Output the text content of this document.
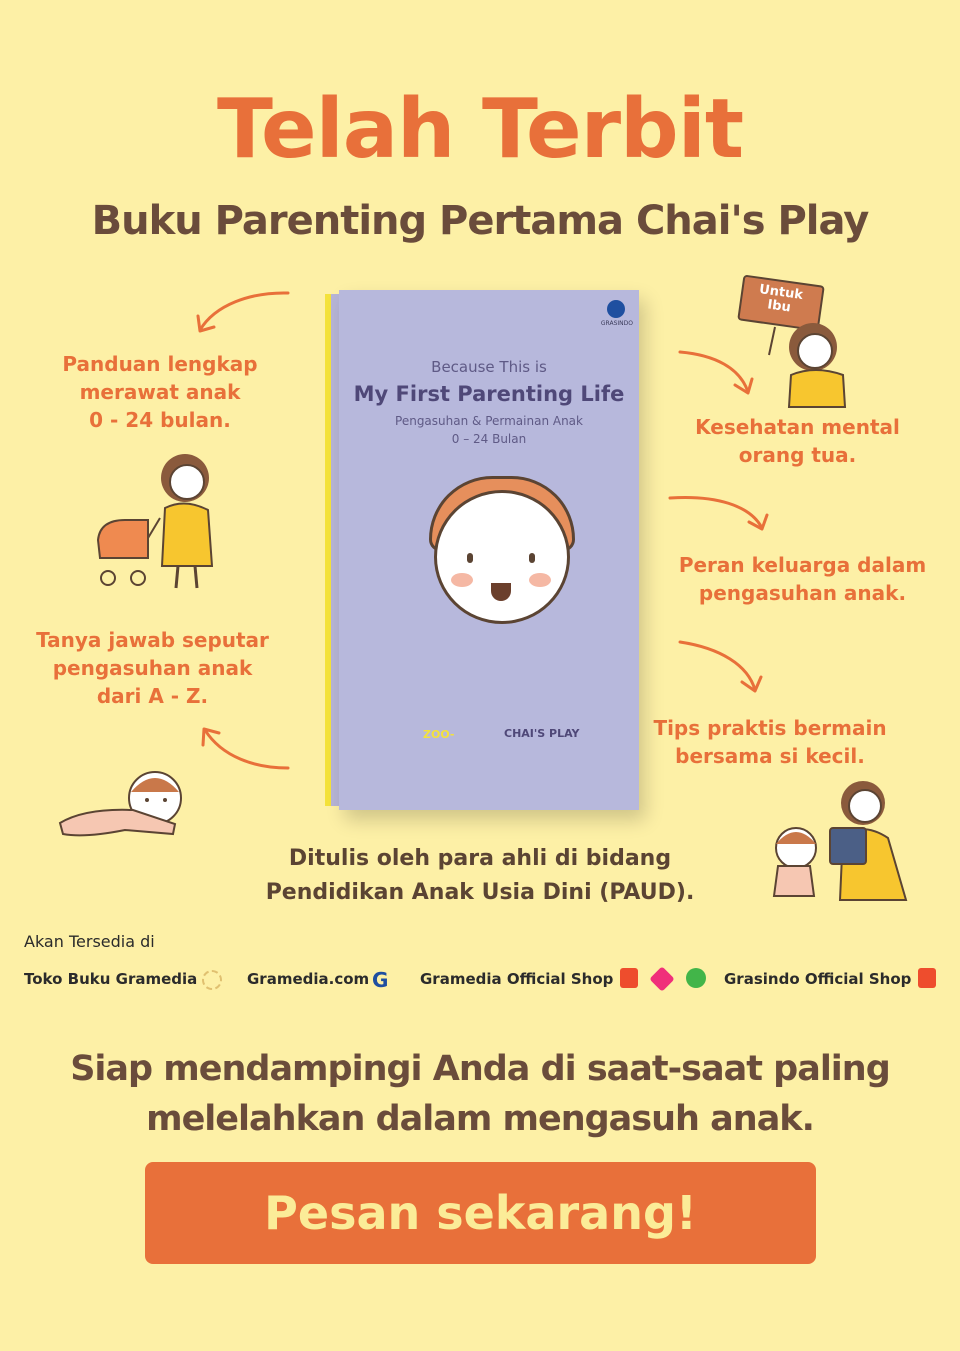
Telah Terbit
Buku Parenting Pertama Chai's Play
Panduan lengkap
merawat anak
0 - 24 bulan.
Tanya jawab seputar
pengasuhan anak
dari A - Z.
Kesehatan mental
orang tua.
Peran keluarga dalam
pengasuhan anak.
Tips praktis bermain
bersama si kecil.
Untuk Ibu
GRASINDO
Because This is
My First Parenting Life
Pengasuhan & Permainan Anak
0 – 24 Bulan
ZOO-	CHAI'S PLAY
Ditulis oleh para ahli di bidang
Pendidikan Anak Usia Dini (PAUD).
Akan Tersedia di
Toko Buku Gramedia	Gramedia.com G Gramedia Official Shop	Grasindo Official Shop
Siap mendampingi Anda di saat-saat paling
melelahkan dalam mengasuh anak.
Pesan sekarang!
